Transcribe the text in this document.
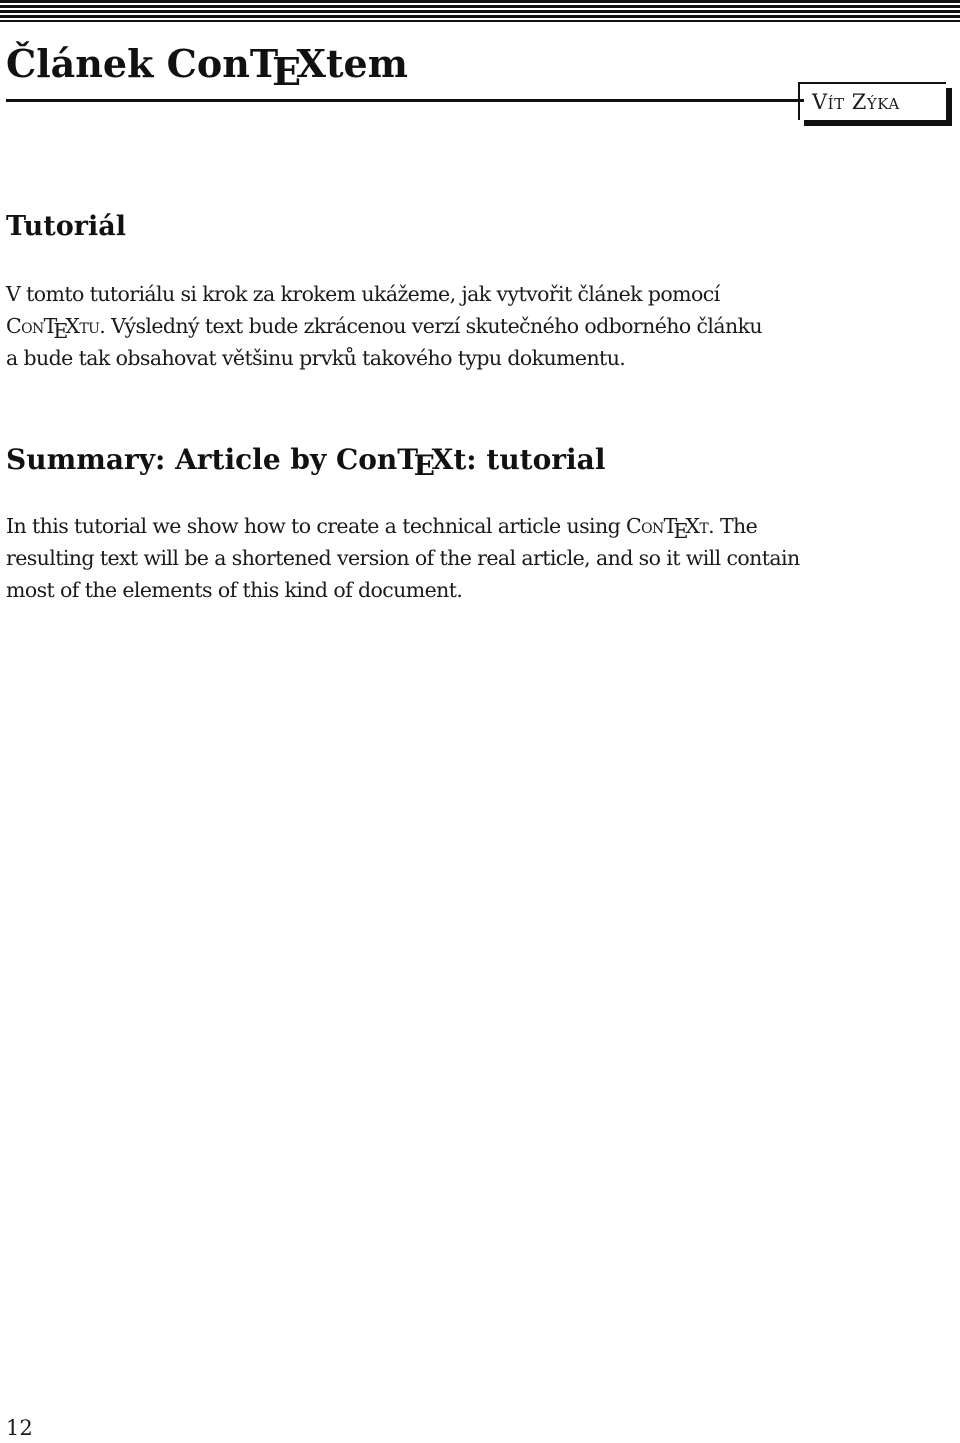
Článek ConTEXtem
Vít Zýka
Tutoriál

V tomto tutoriálu si krok za krokem ukážeme, jak vytvořit článek pomocí
ConTEXtu. Výsledný text bude zkrácenou verzí skutečného odborného článku
a bude tak obsahovat většinu prvků takového typu dokumentu.

Summary: Article by ConTEXt: tutorial

In this tutorial we show how to create a technical article using ConTEXt. The
resulting text will be a shortened version of the real article, and so it will contain
most of the elements of this kind of document.

12
